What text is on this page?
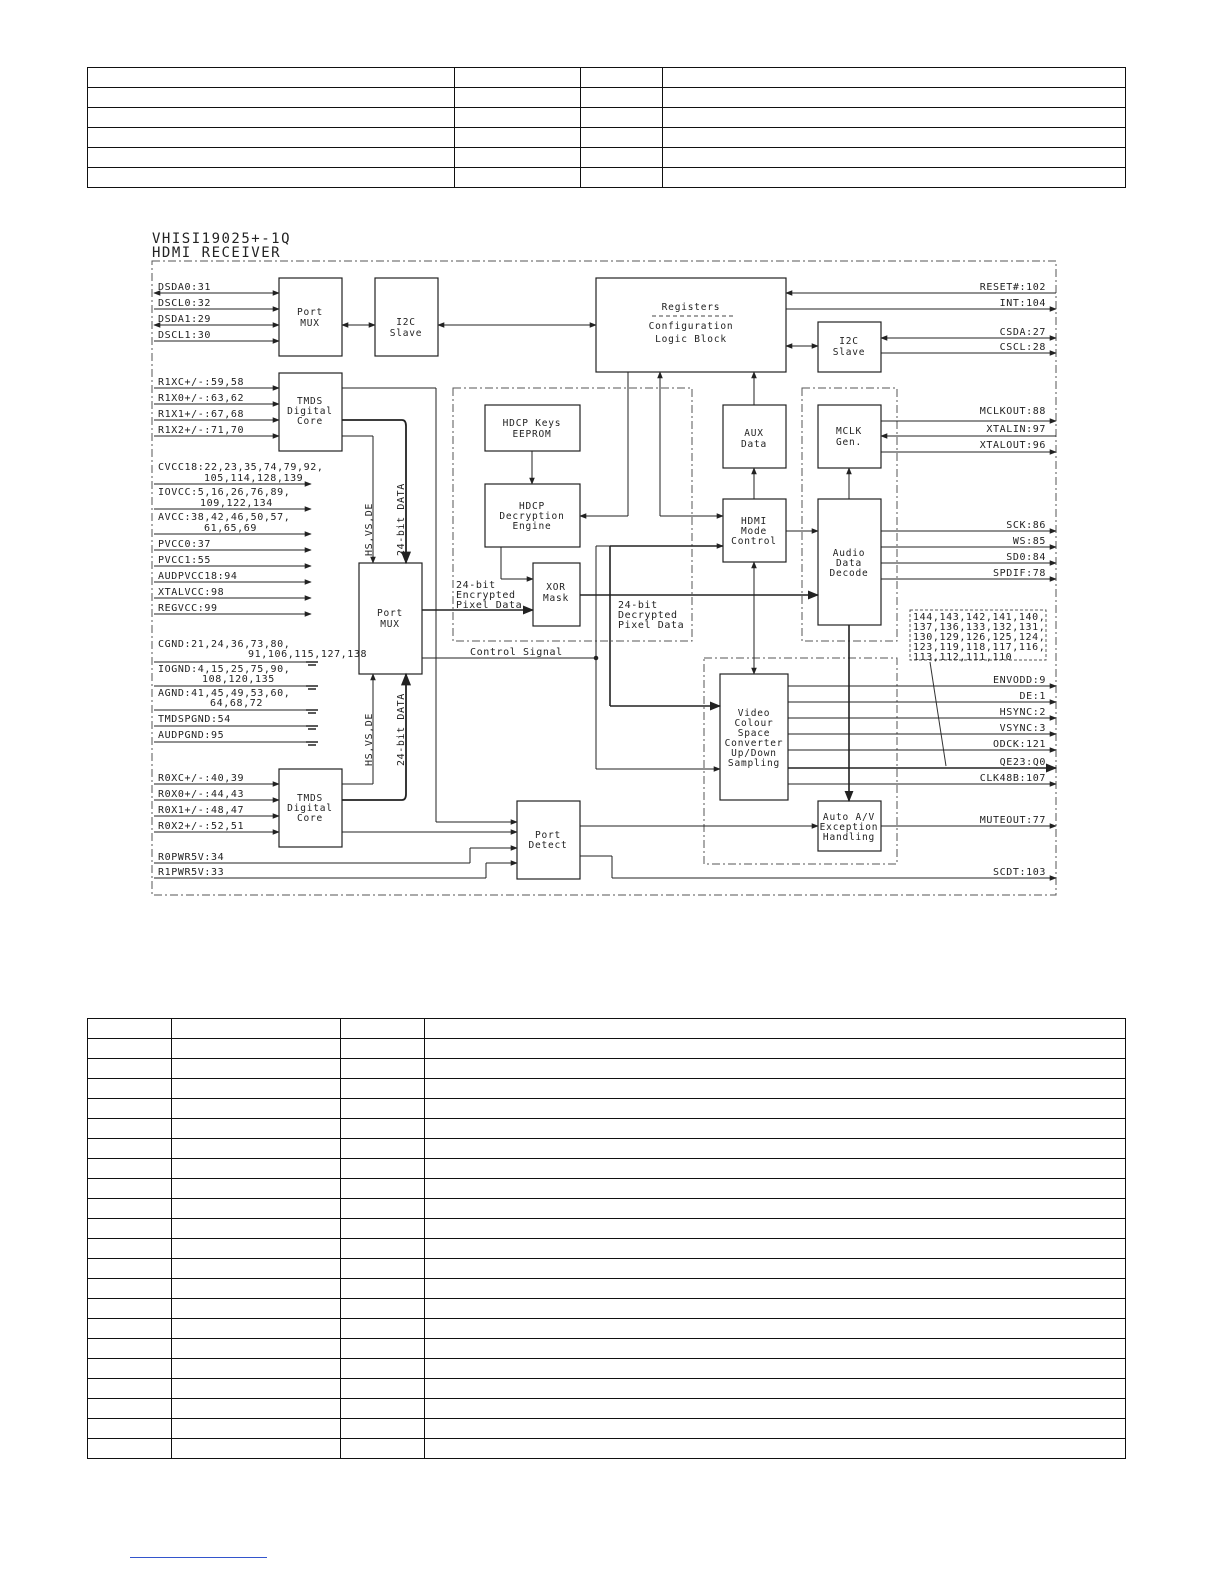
VHISI19025+-1Q
HDMI RECEIVER
Port
MUX	I2C
Slave
Registers
Configuration
Logic Block	I2C
Slave
TMDS
Digital
Core	HDCP Keys
EEPROM
HDCP
Decryption
Engine
AUX
Data
MCLK
Gen.
HDMI
Mode
Control
Audio
Data
Decode
Port
MUX
XOR
Mask
Video
Colour
Space
Converter
Up/Down
Sampling
TMDS
Digital
Core
Port
Detect
Auto A/V
Exception
Handling
144,143,142,141,140,
137,136,133,132,131,
130,129,126,125,124,
123,119,118,117,116,
113,112,111,110
DSDA0:31
DSCL0:32
DSDA1:29
DSCL1:30
R1XC+/-:59,58
R1X0+/-:63,62
R1X1+/-:67,68
R1X2+/-:71,70
CVCC18:22,23,35,74,79,92,
105,114,128,139
IOVCC:5,16,26,76,89,
109,122,134
AVCC:38,42,46,50,57,
61,65,69
PVCC0:37
PVCC1:55
AUDPVCC18:94
XTALVCC:98
REGVCC:99
CGND:21,24,36,73,80,
91,106,115,127,138
IOGND:4,15,25,75,90,
108,120,135
AGND:41,45,49,53,60,
64,68,72
TMDSPGND:54
AUDPGND:95
R0XC+/-:40,39
R0X0+/-:44,43
R0X1+/-:48,47
R0X2+/-:52,51
R0PWR5V:34
R1PWR5V:33
RESET#:102
INT:104
CSDA:27
CSCL:28
MCLKOUT:88
XTALIN:97
XTALOUT:96
SCK:86
WS:85
SD0:84
SPDIF:78
ENVODD:9
DE:1
HSYNC:2
VSYNC:3
ODCK:121
QE23:Q0
CLK48B:107
MUTEOUT:77
SCDT:103
HS,VS,DE 24-bit DATA
HS,VS,DE 24-bit DATA
24-bit
Encrypted
Pixel Data	24-bit
Decrypted
Pixel Data
Control Signal
